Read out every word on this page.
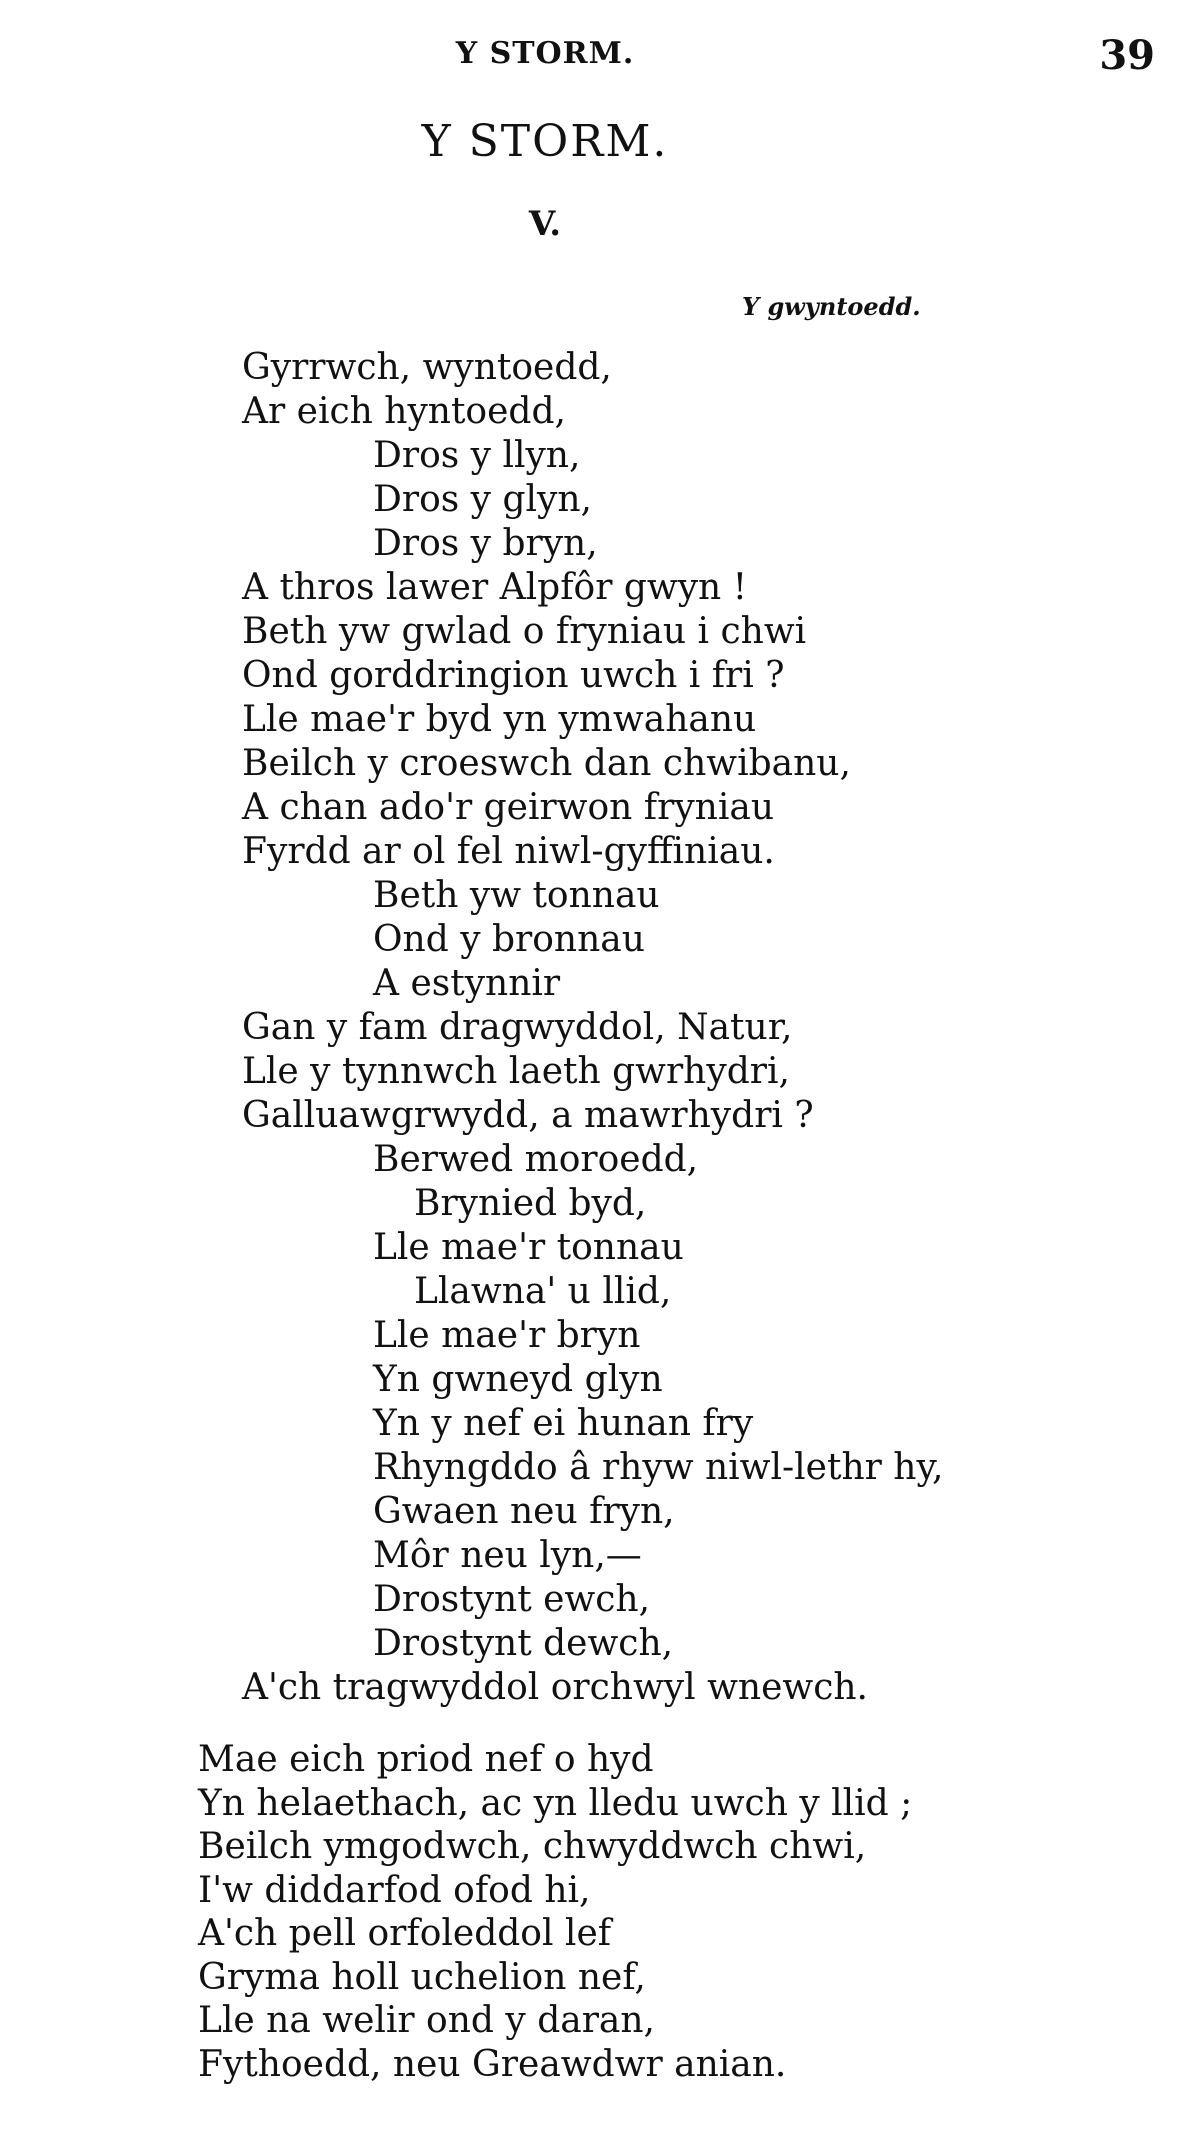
Y STORM.	39
Y STORM.
V.
Y gwyntoedd.
Gyrrwch, wyntoedd,
Ar eich hyntoedd,
Dros y llyn,
Dros y glyn,
Dros y bryn,
A thros lawer Alpfôr gwyn !
Beth yw gwlad o fryniau i chwi
Ond gorddringion uwch i fri ?
Lle mae'r byd yn ymwahanu
Beilch y croeswch dan chwibanu,
A chan ado'r geirwon fryniau
Fyrdd ar ol fel niwl-gyffiniau.
Beth yw tonnau
Ond y bronnau
A estynnir
Gan y fam dragwyddol, Natur,
Lle y tynnwch laeth gwrhydri,
Galluawgrwydd, a mawrhydri ?
Berwed moroedd,
Brynied byd,
Lle mae'r tonnau
Llawna' u llid,
Lle mae'r bryn
Yn gwneyd glyn
Yn y nef ei hunan fry
Rhyngddo â rhyw niwl-lethr hy,
Gwaen neu fryn,
Môr neu lyn,—
Drostynt ewch,
Drostynt dewch,
A'ch tragwyddol orchwyl wnewch.
Mae eich priod nef o hyd
Yn helaethach, ac yn lledu uwch y llid ;
Beilch ymgodwch, chwyddwch chwi,
I'w diddarfod ofod hi,
A'ch pell orfoleddol lef
Gryma holl uchelion nef,
Lle na welir ond y daran,
Fythoedd, neu Greawdwr anian.
